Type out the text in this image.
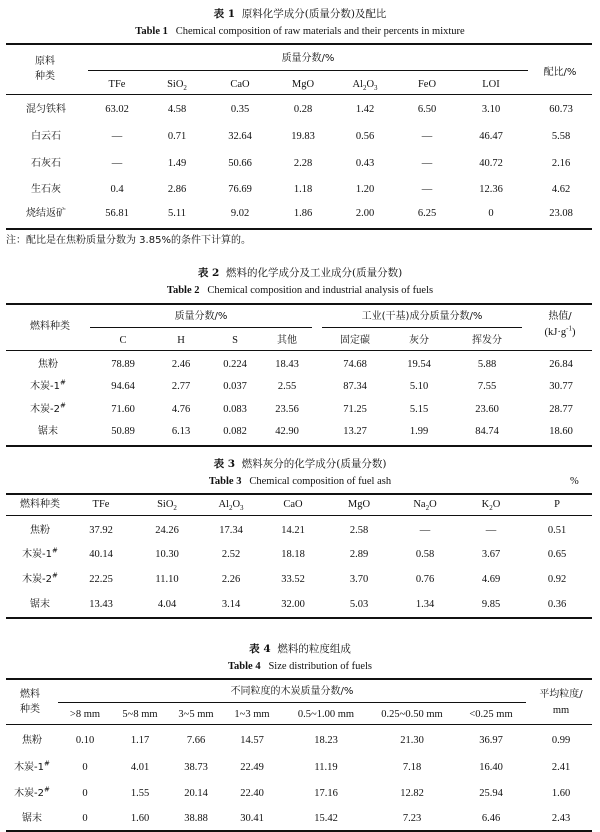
表 1 原料化学成分(质量分数)及配比
Table 1 Chemical composition of raw materials and their percents in mixture
原料
种类
质量分数/%
配比/%
TFe	SiO$_2$	CaO	MgO	$Al_2O_3$	FeO	LOI
混匀铁料	63.02	4.58	0.35	0.28	1.42	6.50	3.10	60.73
白云石	—	0.71	32.64	19.83	0.56	—	46.47	5.58
石灰石	—	1.49	50.66	2.28	0.43	—	40.72	2.16
生石灰	0.4	2.86	76.69	1.18	1.20	—	12.36	4.62
烧结返矿	56.81	5.11	9.02	1.86	2.00	6.25	0	23.08
注：配比是在焦粉质量分数为 3.85%的条件下计算的。
表 2 燃料的化学成分及工业成分(质量分数)
Table 2 Chemical composition and industrial analysis of fuels
燃料种类
质量分数/%	工业(干基)成分质量分数/%	热值/
$(kJ\cdot g^{-1})$
C	H	S	其他	固定碳	灰分	挥发分
焦粉	78.89	2.46	0.224	18.43	74.68	19.54	5.88	26.84
木炭-1#	94.64	2.77	0.037	2.55	87.34	5.10	7.55	30.77
木炭-2#	71.60	4.76	0.083	23.56	71.25	5.15	23.60	28.77
锯末	50.89	6.13	0.082	42.90	13.27	1.99	84.74	18.60
表 3 燃料灰分的化学成分(质量分数)
Table 3 Chemical composition of fuel ash	%
燃料种类	TFe	SiO$_2$	$Al_2O_3$	CaO	MgO	$Na_2O$	$K_2O$	P
焦粉	37.92	24.26	17.34	14.21	2.58	—	—	0.51
木炭-1#	40.14	10.30	2.52	18.18	2.89	0.58	3.67	0.65
木炭-2#	22.25	11.10	2.26	33.52	3.70	0.76	4.69	0.92
锯末	13.43	4.04	3.14	32.00	5.03	1.34	9.85	0.36
表 4 燃料的粒度组成
Table 4 Size distribution of fuels
燃料
种类
不同粒度的木炭质量分数/%	平均粒度/
mm
>8 mm	5~8 mm	3~5 mm	1~3 mm	0.5~1.00 mm	0.25~0.50 mm	<0.25 mm
焦粉	0.10	1.17	7.66	14.57	18.23	21.30	36.97	0.99
木炭-1#	0	4.01	38.73	22.49	11.19	7.18	16.40	2.41
木炭-2#	0	1.55	20.14	22.40	17.16	12.82	25.94	1.60
锯末	0	1.60	38.88	30.41	15.42	7.23	6.46	2.43
